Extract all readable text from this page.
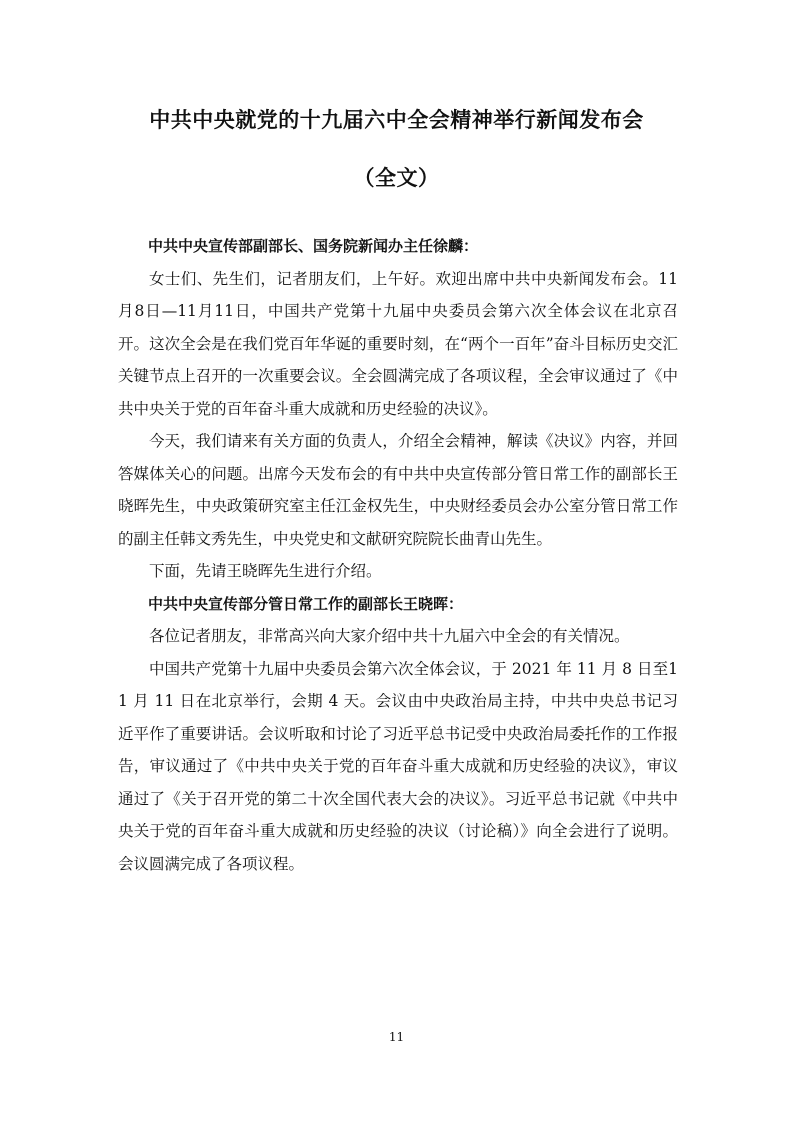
中共中央就党的十九届六中全会精神举行新闻发布会
（全文）

中共中央宣传部副部长、国务院新闻办主任徐麟：

女士们、先生们，记者朋友们，上午好。欢迎出席中共中央新闻发布会。11月8日—11月11日，中国共产党第十九届中央委员会第六次全体会议在北京召开。这次全会是在我们党百年华诞的重要时刻，在“两个一百年”奋斗目标历史交汇关键节点上召开的一次重要会议。全会圆满完成了各项议程，全会审议通过了《中共中央关于党的百年奋斗重大成就和历史经验的决议》。

今天，我们请来有关方面的负责人，介绍全会精神，解读《决议》内容，并回答媒体关心的问题。出席今天发布会的有中共中央宣传部分管日常工作的副部长王晓晖先生，中央政策研究室主任江金权先生，中央财经委员会办公室分管日常工作的副主任韩文秀先生，中央党史和文献研究院院长曲青山先生。

下面，先请王晓晖先生进行介绍。

中共中央宣传部分管日常工作的副部长王晓晖：

各位记者朋友，非常高兴向大家介绍中共十九届六中全会的有关情况。

中国共产党第十九届中央委员会第六次全体会议，于 2021 年 11 月 8 日至11 月 11 日在北京举行，会期 4 天。会议由中央政治局主持，中共中央总书记习近平作了重要讲话。会议听取和讨论了习近平总书记受中央政治局委托作的工作报告，审议通过了《中共中央关于党的百年奋斗重大成就和历史经验的决议》，审议通过了《关于召开党的第二十次全国代表大会的决议》。习近平总书记就《中共中央关于党的百年奋斗重大成就和历史经验的决议（讨论稿）》向全会进行了说明。会议圆满完成了各项议程。

11
